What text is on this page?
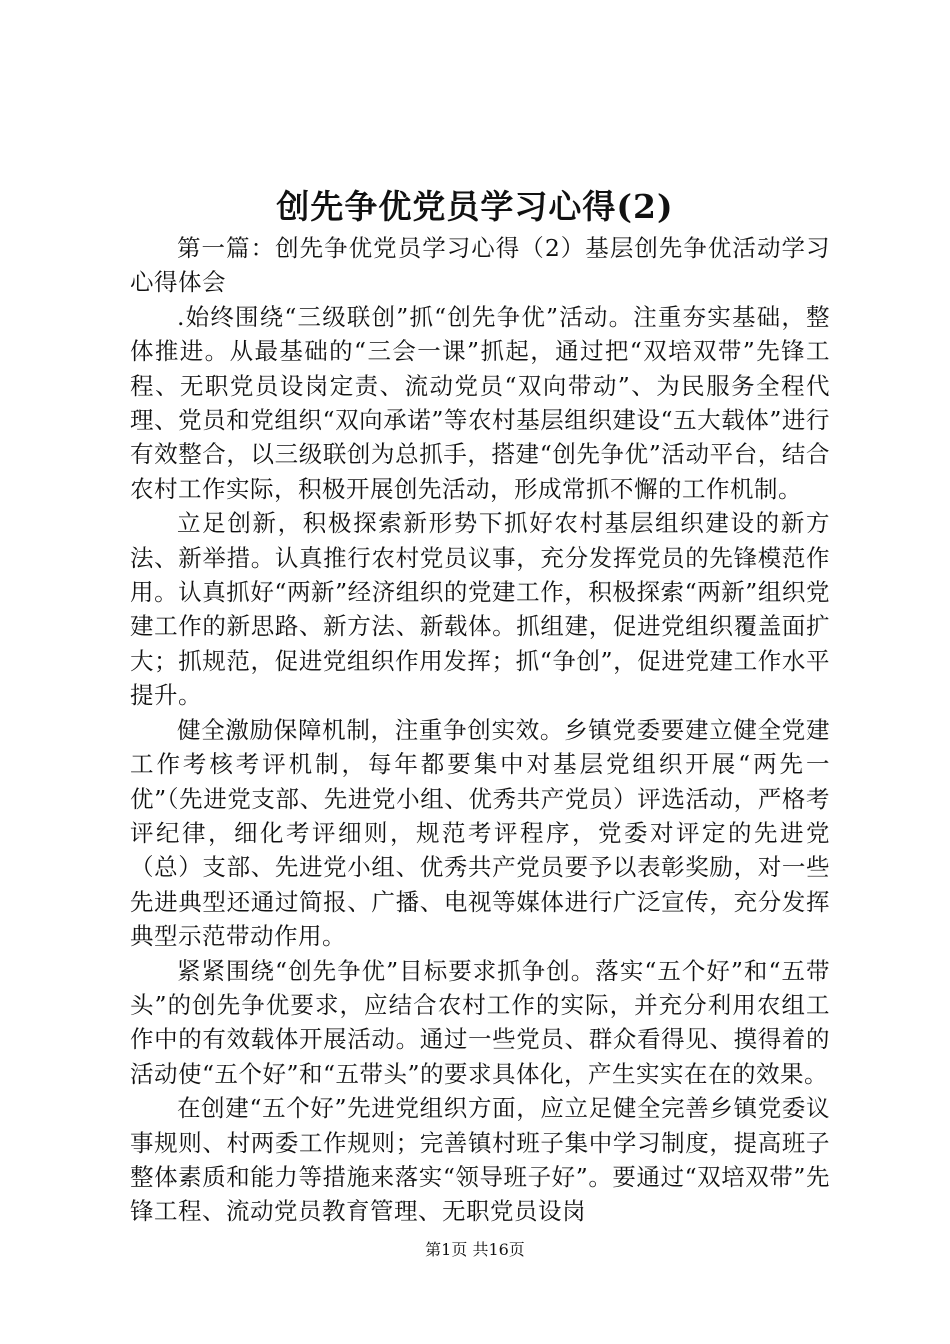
创先争优党员学习心得(2)

第一篇：创先争优党员学习心得（2）基层创先争优活动学习心得体会

.始终围绕“三级联创”抓“创先争优”活动。注重夯实基础，整体推进。从最基础的“三会一课”抓起，通过把“双培双带”先锋工程、无职党员设岗定责、流动党员“双向带动”、为民服务全程代理、党员和党组织“双向承诺”等农村基层组织建设“五大载体”进行有效整合，以三级联创为总抓手，搭建“创先争优”活动平台，结合农村工作实际，积极开展创先活动，形成常抓不懈的工作机制。

立足创新，积极探索新形势下抓好农村基层组织建设的新方法、新举措。认真推行农村党员议事，充分发挥党员的先锋模范作用。认真抓好“两新”经济组织的党建工作，积极探索“两新”组织党建工作的新思路、新方法、新载体。抓组建，促进党组织覆盖面扩大；抓规范，促进党组织作用发挥；抓“争创”，促进党建工作水平提升。

健全激励保障机制，注重争创实效。乡镇党委要建立健全党建工作考核考评机制，每年都要集中对基层党组织开展“两先一优”（先进党支部、先进党小组、优秀共产党员）评选活动，严格考评纪律，细化考评细则，规范考评程序，党委对评定的先进党（总）支部、先进党小组、优秀共产党员要予以表彰奖励，对一些先进典型还通过简报、广播、电视等媒体进行广泛宣传，充分发挥典型示范带动作用。

紧紧围绕“创先争优”目标要求抓争创。落实“五个好”和“五带头”的创先争优要求，应结合农村工作的实际，并充分利用农组工作中的有效载体开展活动。通过一些党员、群众看得见、摸得着的活动使“五个好”和“五带头”的要求具体化，产生实实在在的效果。

在创建“五个好”先进党组织方面，应立足健全完善乡镇党委议事规则、村两委工作规则；完善镇村班子集中学习制度，提高班子整体素质和能力等措施来落实“领导班子好”。要通过“双培双带”先锋工程、流动党员教育管理、无职党员设岗

第1页 共16页
